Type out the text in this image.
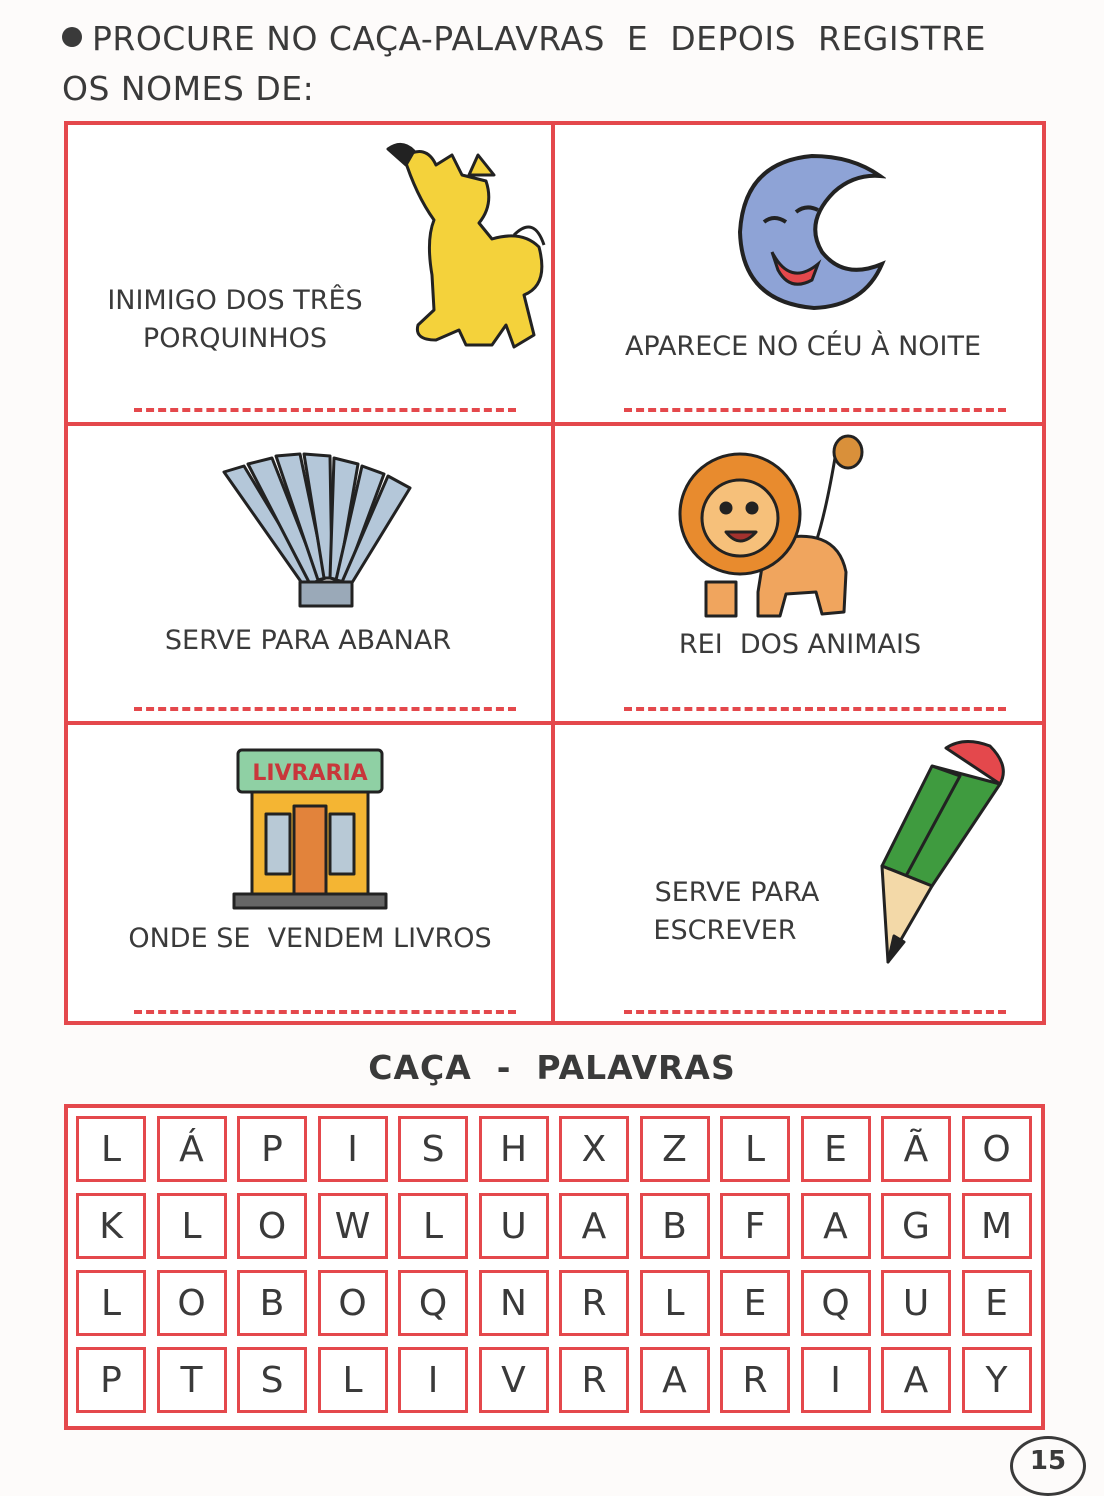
PROCURE NO CAÇA-PALAVRAS  E  DEPOIS  REGISTRE
OS NOMES DE:
INIMIGO DOS TRÊS
PORQUINHOS	APARECE NO CÉU À NOITE
SERVE PARA ABANAR	REI  DOS ANIMAIS
LIVRARIA
ONDE SE  VENDEM LIVROS
SERVE PARA
ESCREVER
CAÇA  -  PALAVRAS
L	Á	P	I	S	H	X	Z	L	E	Ã	O
K	L	O	W	L	U	A	B	F	A	G	M
L	O	B	O	Q	N	R	L	E	Q	U	E
P	T	S	L	I	V	R	A	R	I	A	Y
15
